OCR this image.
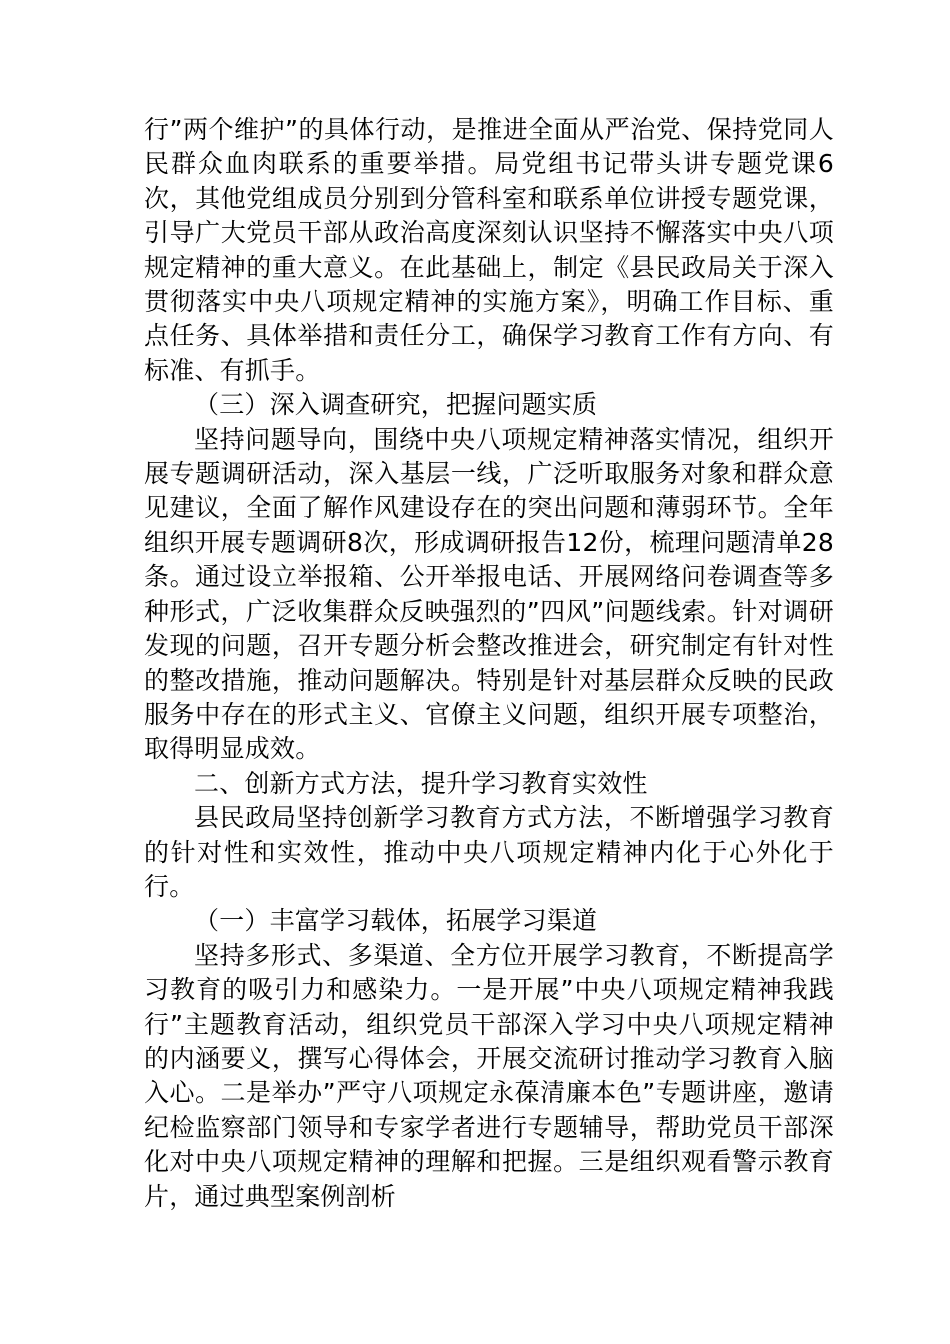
行”两个维护”的具体行动，是推进全面从严治党、保持党同人民群众血肉联系的重要举措。局党组书记带头讲专题党课6次，其他党组成员分别到分管科室和联系单位讲授专题党课，引导广大党员干部从政治高度深刻认识坚持不懈落实中央八项规定精神的重大意义。在此基础上，制定《县民政局关于深入贯彻落实中央八项规定精神的实施方案》，明确工作目标、重点任务、具体举措和责任分工，确保学习教育工作有方向、有标准、有抓手。

（三）深入调查研究，把握问题实质

坚持问题导向，围绕中央八项规定精神落实情况，组织开展专题调研活动，深入基层一线，广泛听取服务对象和群众意见建议，全面了解作风建设存在的突出问题和薄弱环节。全年组织开展专题调研8次，形成调研报告12份，梳理问题清单28条。通过设立举报箱、公开举报电话、开展网络问卷调查等多种形式，广泛收集群众反映强烈的”四风”问题线索。针对调研发现的问题，召开专题分析会整改推进会，研究制定有针对性的整改措施，推动问题解决。特别是针对基层群众反映的民政服务中存在的形式主义、官僚主义问题，组织开展专项整治，取得明显成效。

二、创新方式方法，提升学习教育实效性

县民政局坚持创新学习教育方式方法，不断增强学习教育的针对性和实效性，推动中央八项规定精神内化于心外化于行。

（一）丰富学习载体，拓展学习渠道

坚持多形式、多渠道、全方位开展学习教育，不断提高学习教育的吸引力和感染力。一是开展”中央八项规定精神我践行”主题教育活动，组织党员干部深入学习中央八项规定精神的内涵要义，撰写心得体会，开展交流研讨推动学习教育入脑入心。二是举办”严守八项规定永葆清廉本色”专题讲座，邀请纪检监察部门领导和专家学者进行专题辅导，帮助党员干部深化对中央八项规定精神的理解和把握。三是组织观看警示教育片，通过典型案例剖析
